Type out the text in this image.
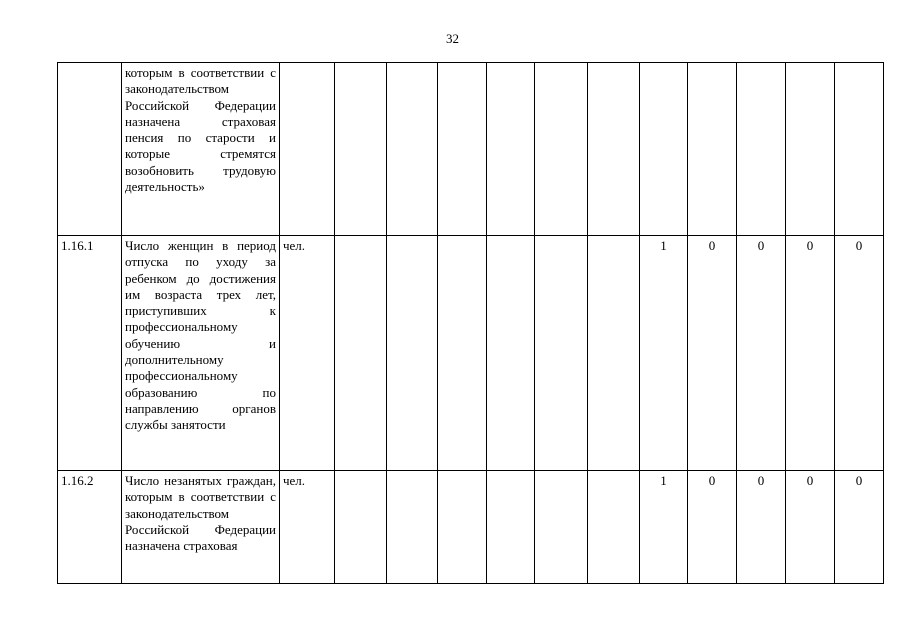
32

	которым в соответствии с законодательством Российской Федерации назначена страховая пенсия по старости и которые стремятся возобновить трудовую деятельность»												

1.16.1	Число женщин в период отпуска по уходу за ребенком до достижения им возраста трех лет, приступивших к профессиональному обучению и дополнительному профессиональному образованию по направлению органов службы занятости	чел.							1	0	0	0	0
1.16.2	Число незанятых граждан, которым в соответствии с законодательством Российской Федерации назначена страховая	чел.							1	0	0	0	0
